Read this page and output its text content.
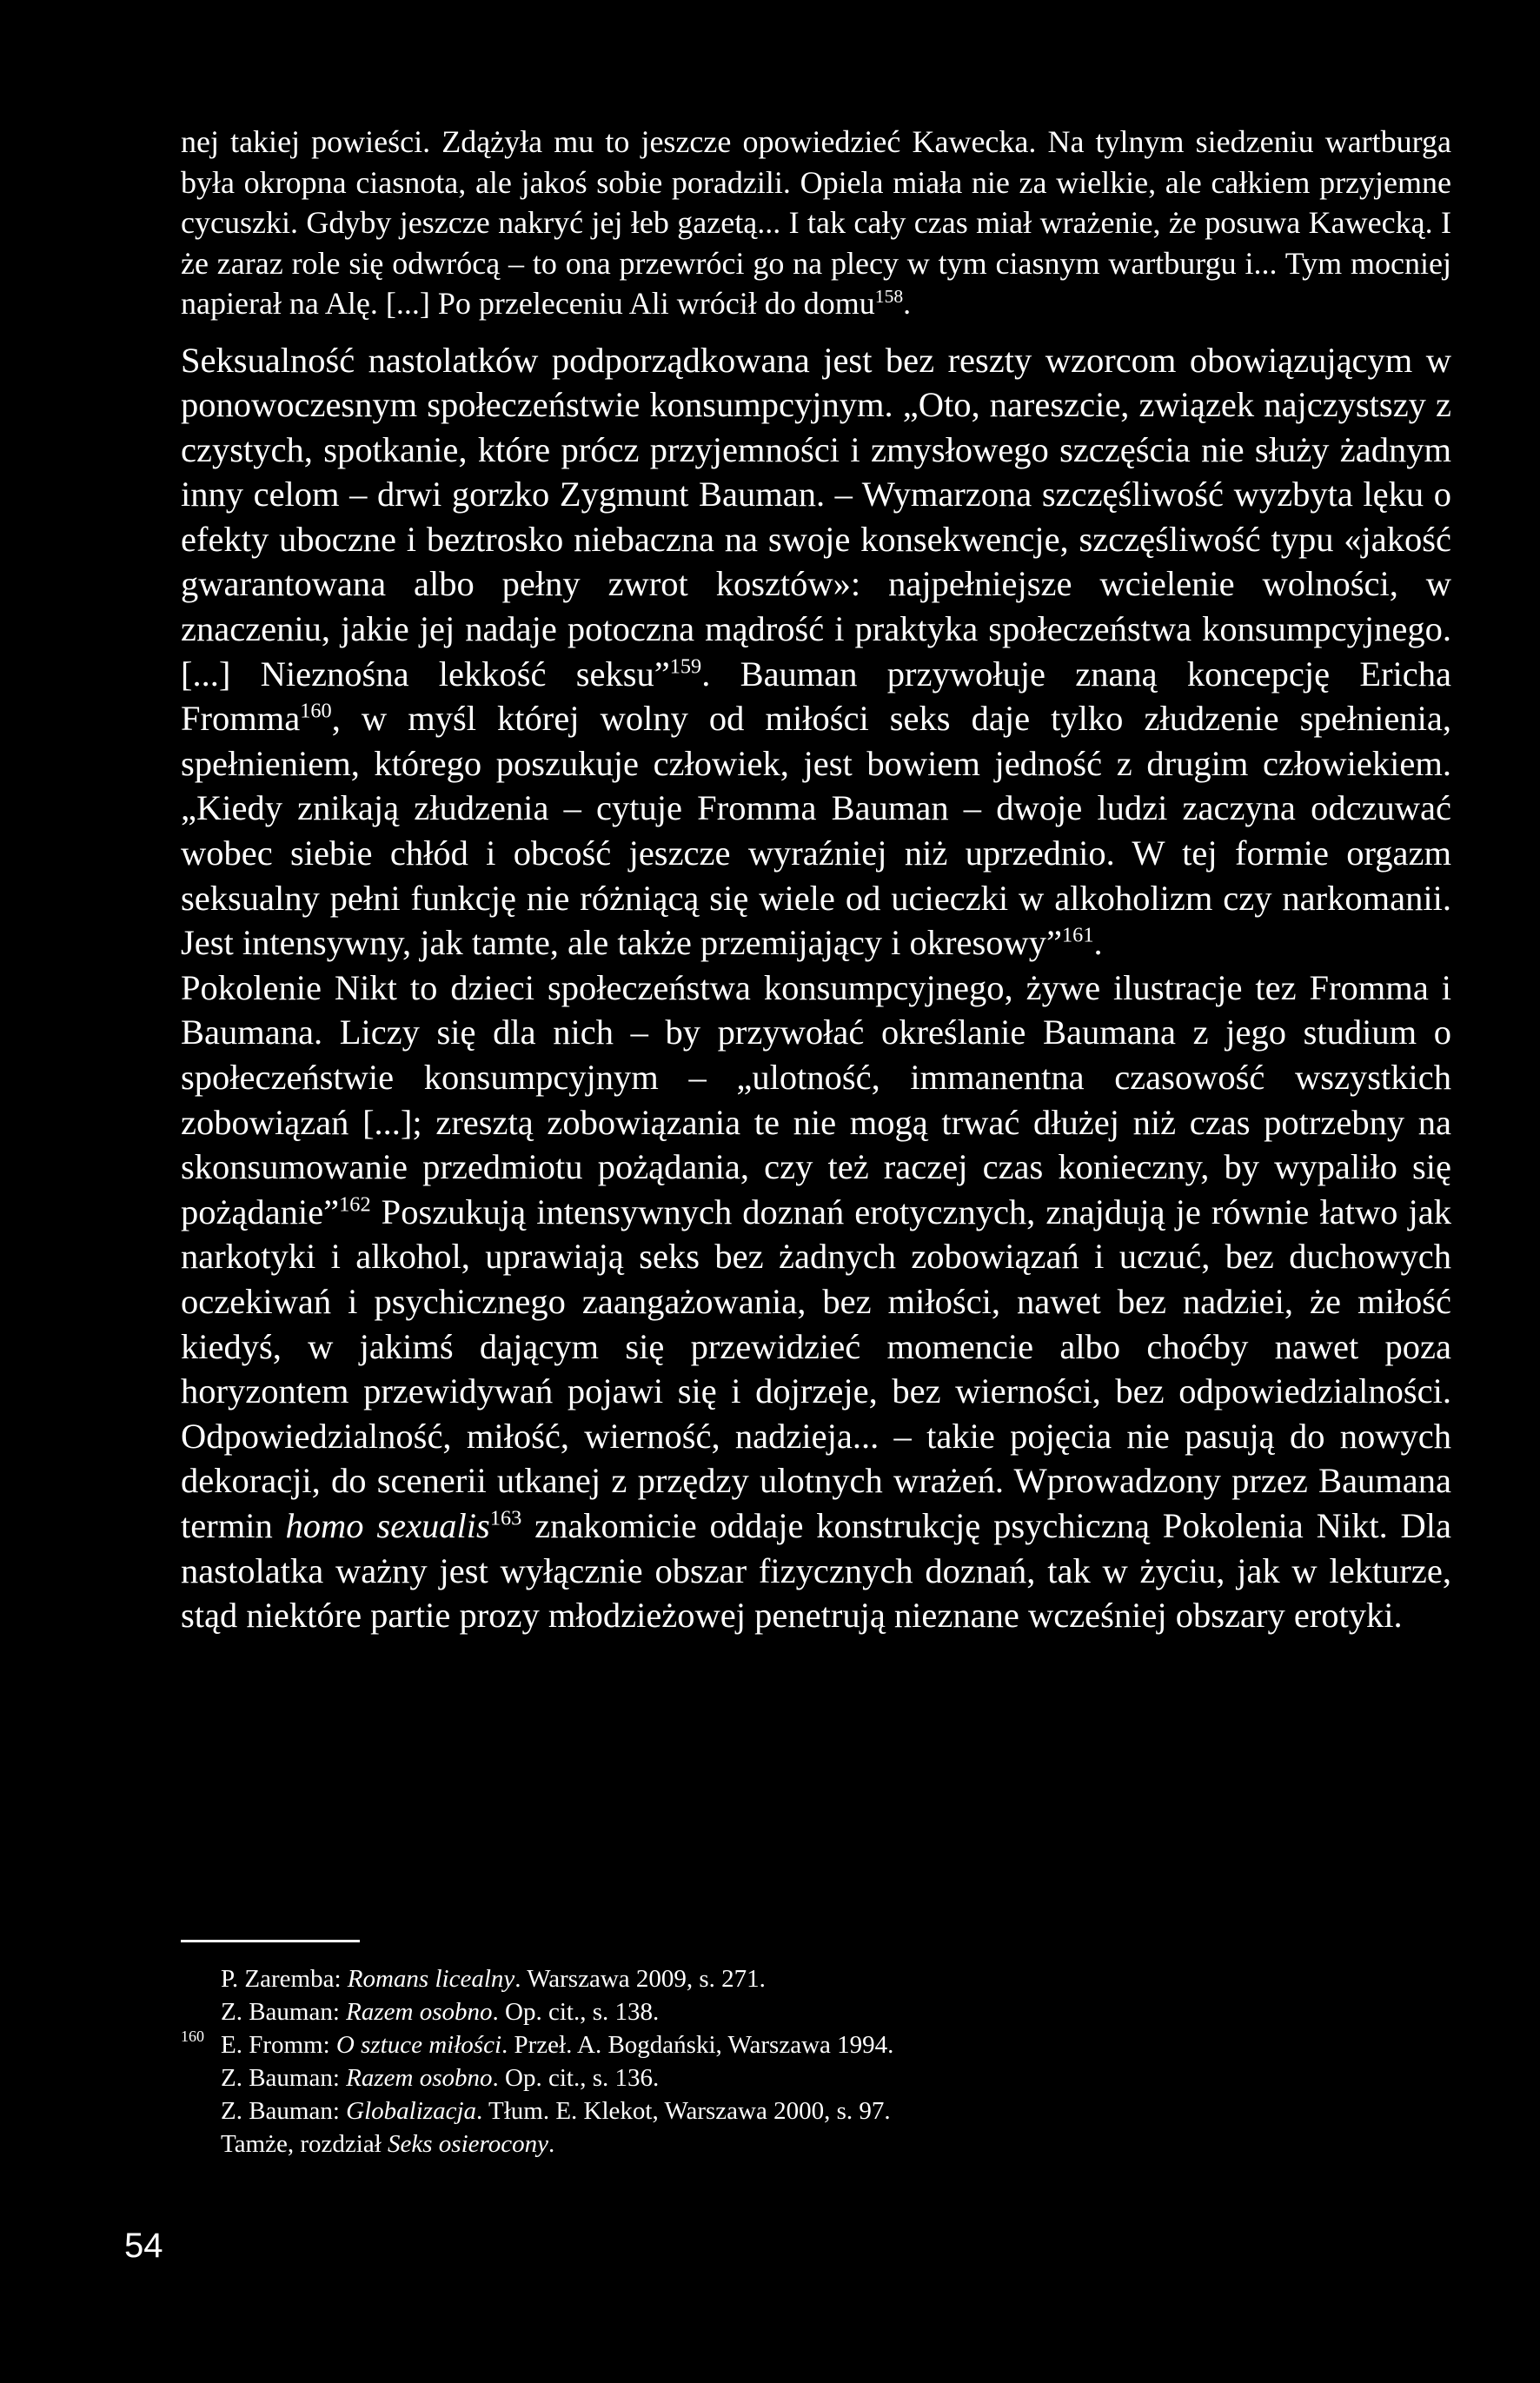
nej takiej powieści. Zdążyła mu to jeszcze opowiedzieć Kawecka. Na tylnym siedzeniu wartburga była okropna ciasnota, ale jakoś sobie poradzili. Opiela miała nie za wielkie, ale całkiem przyjemne cycuszki. Gdyby jeszcze nakryć jej łeb gazetą... I tak cały czas miał wrażenie, że posuwa Kawecką. I że zaraz role się odwrócą – to ona przewróci go na plecy w tym ciasnym wartburgu i... Tym mocniej napierał na Alę. [...] Po przeleceniu Ali wrócił do domu$^{158}$.

Seksualność nastolatków podporządkowana jest bez reszty wzorcom obowiązującym w ponowoczesnym społeczeństwie konsumpcyjnym. „Oto, nareszcie, związek najczystszy z czystych, spotkanie, które prócz przyjemności i zmysłowego szczęścia nie służy żadnym inny celom – drwi gorzko Zygmunt Bauman. – Wymarzona szczęśliwość wyzbyta lęku o efekty uboczne i beztrosko niebaczna na swoje konsekwencje, szczęśliwość typu «jakość gwarantowana albo pełny zwrot kosztów»: najpełniejsze wcielenie wolności, w znaczeniu, jakie jej nadaje potoczna mądrość i praktyka społeczeństwa konsumpcyjnego. [...] Nieznośna lekkość seksu”$^{159}$. Bauman przywołuje znaną koncepcję Ericha Fromma$^{160}$, w myśl której wolny od miłości seks daje tylko złudzenie spełnienia, spełnieniem, którego poszukuje człowiek, jest bowiem jedność z drugim człowiekiem. „Kiedy znikają złudzenia – cytuje Fromma Bauman – dwoje ludzi zaczyna odczuwać wobec siebie chłód i obcość jeszcze wyraźniej niż uprzednio. W tej formie orgazm seksualny pełni funkcję nie różniącą się wiele od ucieczki w alkoholizm czy narkomanii. Jest intensywny, jak tamte, ale także przemijający i okresowy”$^{161}$.

Pokolenie Nikt to dzieci społeczeństwa konsumpcyjnego, żywe ilustracje tez Fromma i Baumana. Liczy się dla nich – by przywołać określanie Baumana z jego studium o społeczeństwie konsumpcyjnym – „ulotność, immanentna czasowość wszystkich zobowiązań [...]; zresztą zobowiązania te nie mogą trwać dłużej niż czas potrzebny na skonsumowanie przedmiotu pożądania, czy też raczej czas konieczny, by wypaliło się pożądanie”$^{162}$ Poszukują intensywnych doznań erotycznych, znajdują je równie łatwo jak narkotyki i alkohol, uprawiają seks bez żadnych zobowiązań i uczuć, bez duchowych oczekiwań i psychicznego zaangażowania, bez miłości, nawet bez nadziei, że miłość kiedyś, w jakimś dającym się przewidzieć momencie albo choćby nawet poza horyzontem przewidywań pojawi się i dojrzeje, bez wierności, bez odpowiedzialności. Odpowiedzialność, miłość, wierność, nadzieja... – takie pojęcia nie pasują do nowych dekoracji, do scenerii utkanej z przędzy ulotnych wrażeń. Wprowadzony przez Baumana termin homo sexualis$^{163}$ znakomicie oddaje konstrukcję psychiczną Pokolenia Nikt. Dla nastolatka ważny jest wyłącznie obszar fizycznych doznań, tak w życiu, jak w lekturze, stąd niektóre partie prozy młodzieżowej penetrują nieznane wcześniej obszary erotyki.

P. Zaremba: Romans licealny. Warszawa 2009, s. 271.

Z. Bauman: Razem osobno. Op. cit., s. 138.

160 E. Fromm: O sztuce miłości. Przeł. A. Bogdański, Warszawa 1994.

Z. Bauman: Razem osobno. Op. cit., s. 136.

Z. Bauman: Globalizacja. Tłum. E. Klekot, Warszawa 2000, s. 97.

Tamże, rozdział Seks osierocony.

54
